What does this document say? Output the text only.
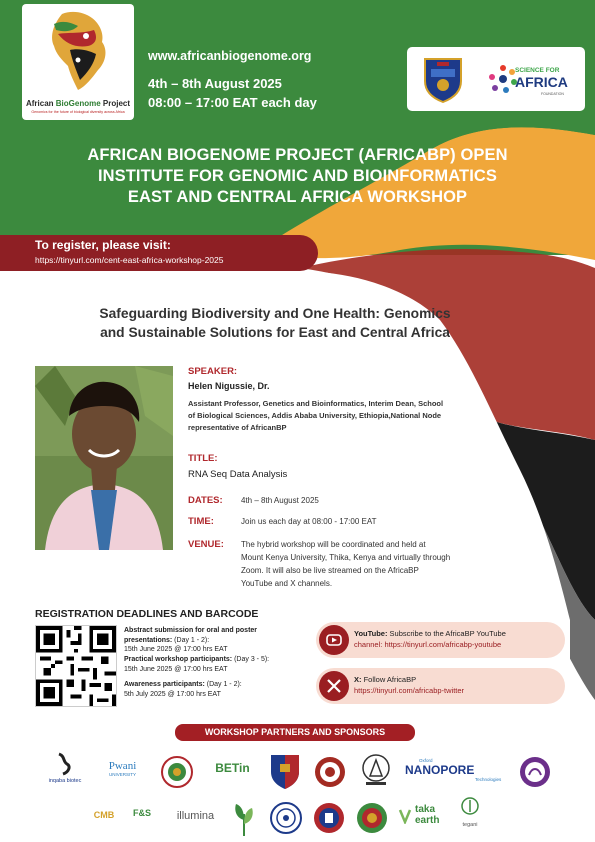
African BioGenome Project
Genomics for the future of biological diversity across Africa
www.africanbiogenome.org
4th – 8th August 2025
08:00 – 17:00 EAT each day
SCIENCE FOR
AFRICA
FOUNDATION
AFRICAN BIOGENOME PROJECT (AFRICABP) OPEN
INSTITUTE FOR GENOMIC AND BIOINFORMATICS
EAST AND CENTRAL AFRICA WORKSHOP
To register, please visit:
https://tinyurl.com/cent-east-africa-workshop-2025
Safeguarding Biodiversity and One Health: Genomics
and Sustainable Solutions for East and Central Africa
SPEAKER:
Helen Nigussie, Dr.
Assistant Professor, Genetics and Bioinformatics, Interim Dean, School
of Biological Sciences, Addis Ababa University, Ethiopia,National Node
representative of AfricanBP
TITLE:
RNA Seq Data Analysis
DATES: 4th – 8th August 2025
TIME:	Join us each day at 08:00 - 17:00 EAT
VENUE: The hybrid workshop will be coordinated and held at
Mount Kenya University, Thika, Kenya and virtually through
Zoom. It will also be live streamed on the AfricaBP
YouTube and X channels.
REGISTRATION DEADLINES AND BARCODE
Abstract submission for oral and poster
presentations: (Day 1 - 2):
15th June 2025 @ 17:00 hrs EAT
Practical workshop participants: (Day 3 - 5):
15th June 2025 @ 17:00 hrs EAT
Awareness participants: (Day 1 - 2):
5th July 2025 @ 17:00 hrs EAT
YouTube: Subscribe to the AfricaBP YouTube
channel: https://tinyurl.com/africabp-youtube
X: Follow AfricaBP
https://tinyurl.com/africabp-twitter
WORKSHOP PARTNERS AND SPONSORS
inqaba biotec
Pwani
UNIVERSITY	BETin
Oxford
NANOPORE
Technologies
CMB	F&S	illumina
taka
earth	tegani
